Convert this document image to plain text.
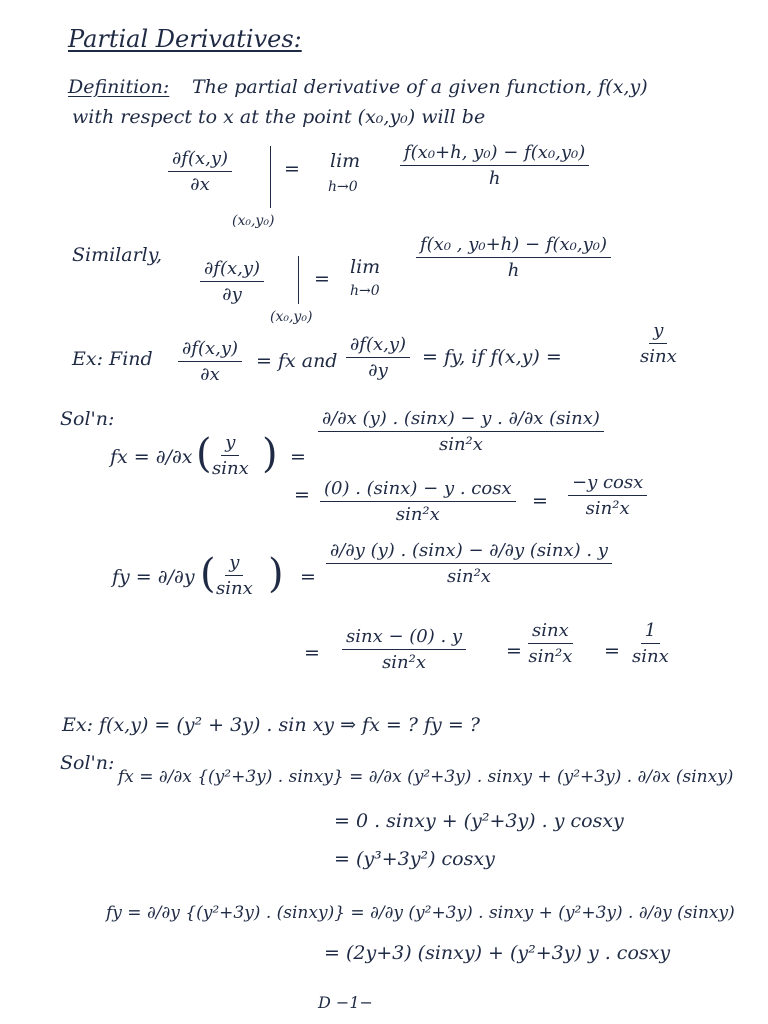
Partial Derivatives:
Definition: The partial derivative of a given function, f(x,y)
with respect to x at the point (x₀,y₀) will be
$\frac{\partial f(x,y)}{\partial x}$
(x₀,y₀)
= lim
$h\to 0 \frac{\text{f(x₀+h, y₀) − f(x₀,y₀)}}{h}$
Similarly,
$\frac{\partial f(x,y)}{\partial y}$
(x₀,y₀)
=
lim
h→0
$\frac{\text{f(x₀ , y₀+h) − f(x₀,y₀)}}{h}$
Ex: Find $\frac{\partial f(x,y)}{\partial x}$ = fx and $\frac{\partial f(x,y)}{\partial y}$ = fy, if f(x,y) =	$\frac{y}{\sin x}$
Sol'n:
fx = ∂/∂x ( $\frac{y}{\sin x}$ ) =
$\frac{\partial/\partial x (y) . (\sin x) - y . \partial/\partial x (\sin x)}{\text{sin²x}}$
= $\frac{(0) . (\sin x) - y . \cos x}{\text{sin²x}} = \frac{\text{−y cosx}}{\text{sin²x}}$
fy = ∂/∂y ( $\frac{y}{\sin x}$ ) = $\frac{\partial/\partial y (y) . (\sin x) - \partial/\partial y (\sin x) . y}{\text{sin²x}}$
= $\frac{\sin x - (0) . y}{\text{sin²x}} = \frac{\sin x}{\text{sin²x}} = \frac{1}{\sin x}$
Ex: f(x,y) = (y² + 3y) . sin xy ⇒ fx = ? fy = ?
Sol'n:
fx = ∂/∂x {(y²+3y) . sinxy} = ∂/∂x (y²+3y) . sinxy + (y²+3y) . ∂/∂x (sinxy)
= 0 . sinxy + (y²+3y) . y cosxy
= (y³+3y²) cosxy
fy = ∂/∂y {(y²+3y) . (sinxy)} = ∂/∂y (y²+3y) . sinxy + (y²+3y) . ∂/∂y (sinxy)
= (2y+3) (sinxy) + (y²+3y) y . cosxy
D −1−
